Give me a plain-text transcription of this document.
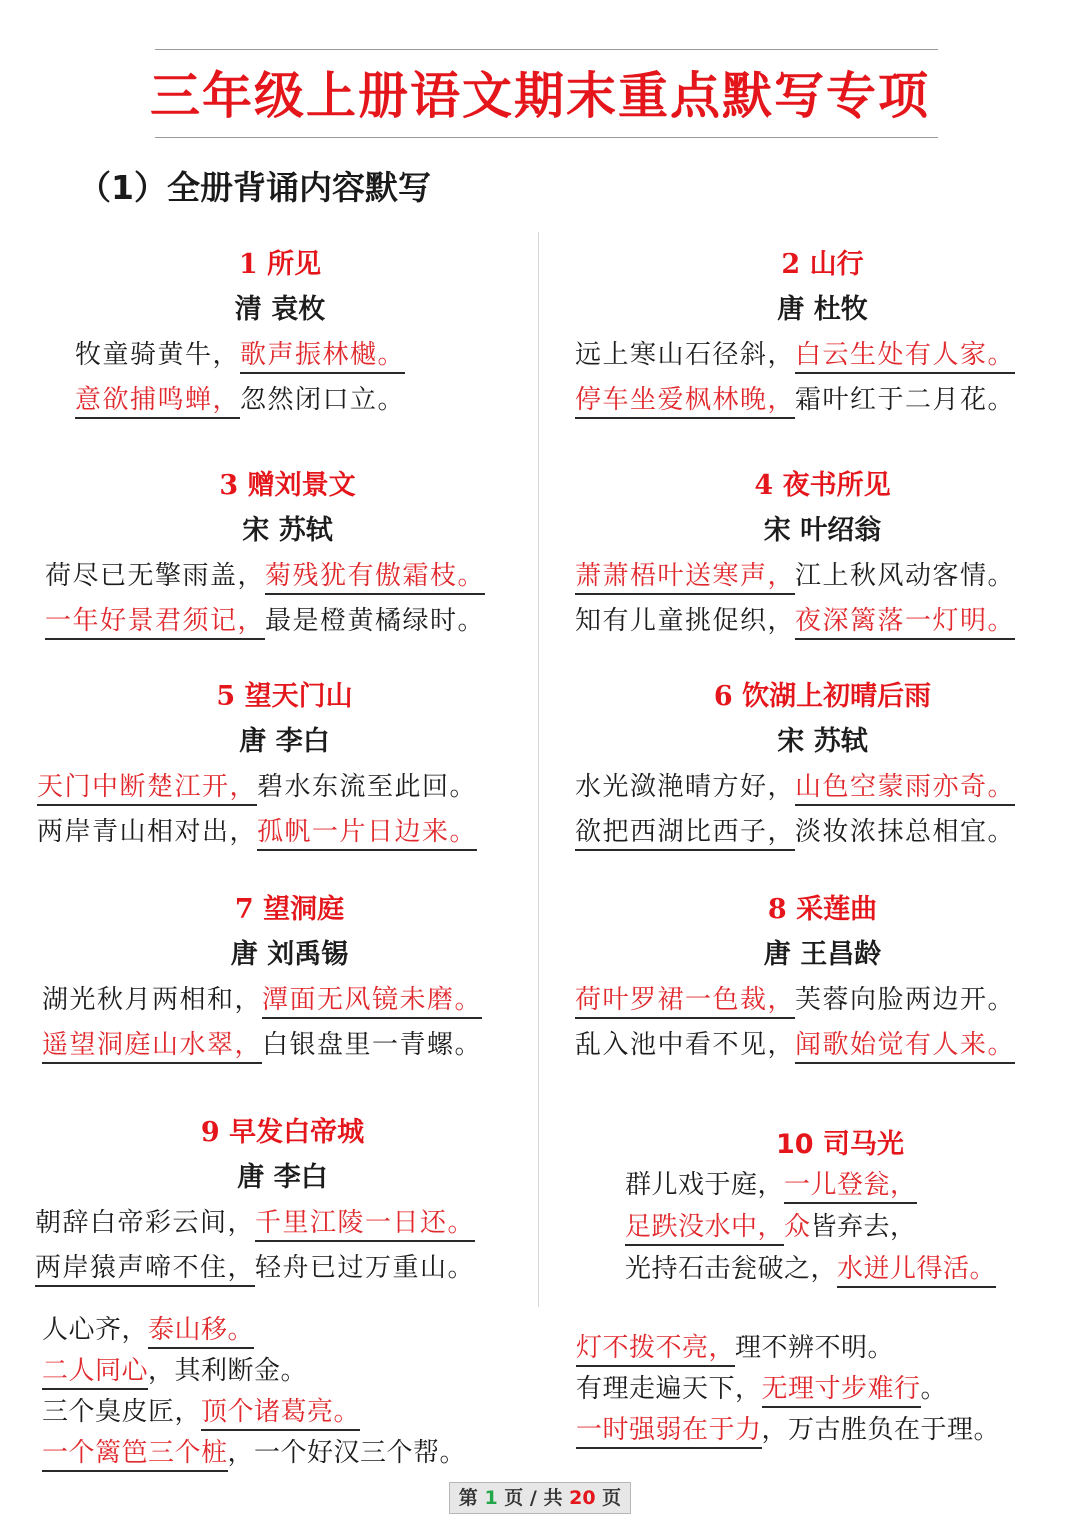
三年级上册语文期末重点默写专项
（1）全册背诵内容默写
1 所见
清 袁枚
牧童骑黄牛，歌声振林樾。
意欲捕鸣蝉，忽然闭口立。
2 山行
唐 杜牧
远上寒山石径斜，白云生处有人家。
停车坐爱枫林晚，霜叶红于二月花。
3 赠刘景文
宋 苏轼
荷尽已无擎雨盖，菊残犹有傲霜枝。
一年好景君须记，最是橙黄橘绿时。
4 夜书所见
宋 叶绍翁
萧萧梧叶送寒声，江上秋风动客情。
知有儿童挑促织，夜深篱落一灯明。
5 望天门山
唐 李白
天门中断楚江开，碧水东流至此回。
两岸青山相对出，孤帆一片日边来。
6 饮湖上初晴后雨
宋 苏轼
水光潋滟晴方好，山色空蒙雨亦奇。
欲把西湖比西子，淡妆浓抹总相宜。
7 望洞庭
唐 刘禹锡
湖光秋月两相和，潭面无风镜未磨。
遥望洞庭山水翠，白银盘里一青螺。
8 采莲曲
唐 王昌龄
荷叶罗裙一色裁，芙蓉向脸两边开。
乱入池中看不见，闻歌始觉有人来。
9 早发白帝城
唐 李白
朝辞白帝彩云间，千里江陵一日还。
两岸猿声啼不住，轻舟已过万重山。
10 司马光
群儿戏于庭，一儿登瓮，
足跌没水中，众皆弃去，
光持石击瓮破之，水迸儿得活。
人心齐，泰山移。
二人同心，其利断金。
三个臭皮匠，顶个诸葛亮。
一个篱笆三个桩，一个好汉三个帮。
灯不拨不亮，理不辨不明。
有理走遍天下，无理寸步难行。
一时强弱在于力，万古胜负在于理。
第 1 页 / 共 20 页
